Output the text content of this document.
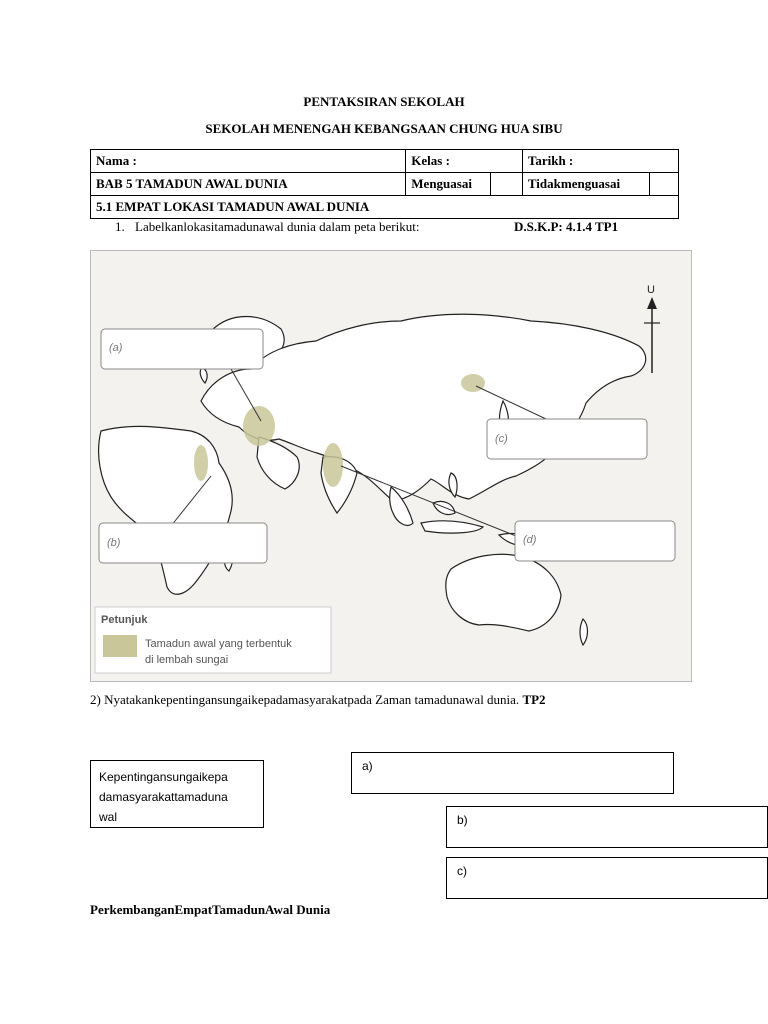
PENTAKSIRAN SEKOLAH
SEKOLAH MENENGAH KEBANGSAAN CHUNG HUA SIBU
Nama :	Kelas :		Tarikh :	
BAB 5 TAMADUN AWAL DUNIA	Menguasai		Tidakmenguasai	
5.1 EMPAT LOKASI TAMADUN AWAL DUNIA				
1. Labelkanlokasitamadunawal dunia dalam peta berikut:	D.S.K.P: 4.1.4 TP1
(a)
(b)
(c)
(d)
U
Petunjuk
Tamadun awal yang terbentuk
di lembah sungai
2) Nyatakankepentingansungaikepadamasyarakatpada Zaman tamadunawal dunia. TP2
Kepentingansungaikepa
damasyarakattamaduna
wal
a)
b)
c)
PerkembanganEmpatTamadunAwal Dunia
